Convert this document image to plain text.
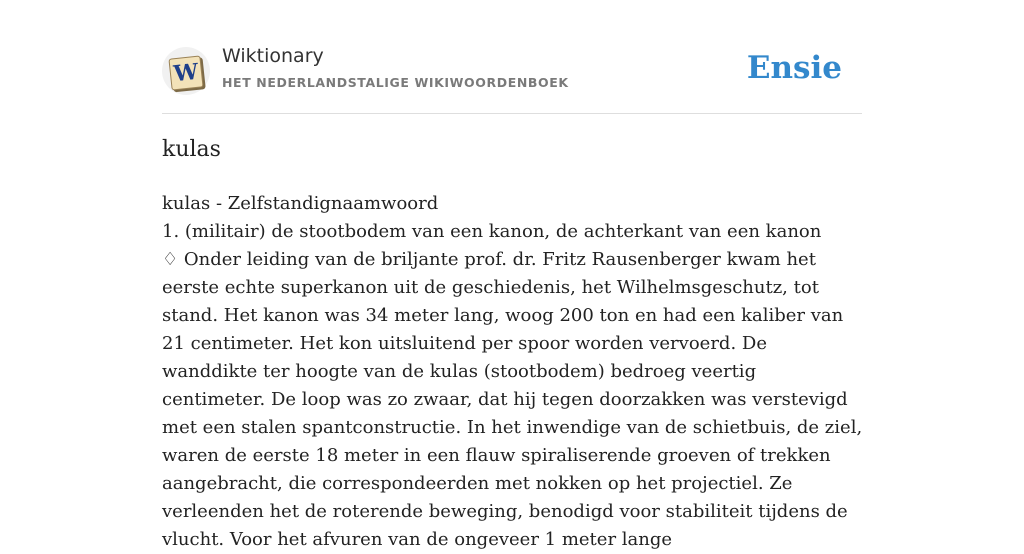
W
Wiktionary
HET NEDERLANDSTALIGE WIKIWOORDENBOEK	Ensie
kulas

kulas - Zelfstandignaamwoord

1. (militair) de stootbodem van een kanon, de achterkant van een kanon

♢ Onder leiding van de briljante prof. dr. Fritz Rausenberger kwam het eerste echte superkanon uit de geschiedenis, het Wilhelmsgeschutz, tot stand. Het kanon was 34 meter lang, woog 200 ton en had een kaliber van 21 centimeter. Het kon uitsluitend per spoor worden vervoerd. De wanddikte ter hoogte van de kulas (stootbodem) bedroeg veertig centimeter. De loop was zo zwaar, dat hij tegen doorzakken was verstevigd met een stalen spantconstructie. In het inwendige van de schietbuis, de ziel, waren de eerste 18 meter in een flauw spiraliserende groeven of trekken aangebracht, die correspondeerden met nokken op het projectiel. Ze verleenden het de roterende beweging, benodigd voor stabiliteit tijdens de vlucht. Voor het afvuren van de ongeveer 1 meter lange
